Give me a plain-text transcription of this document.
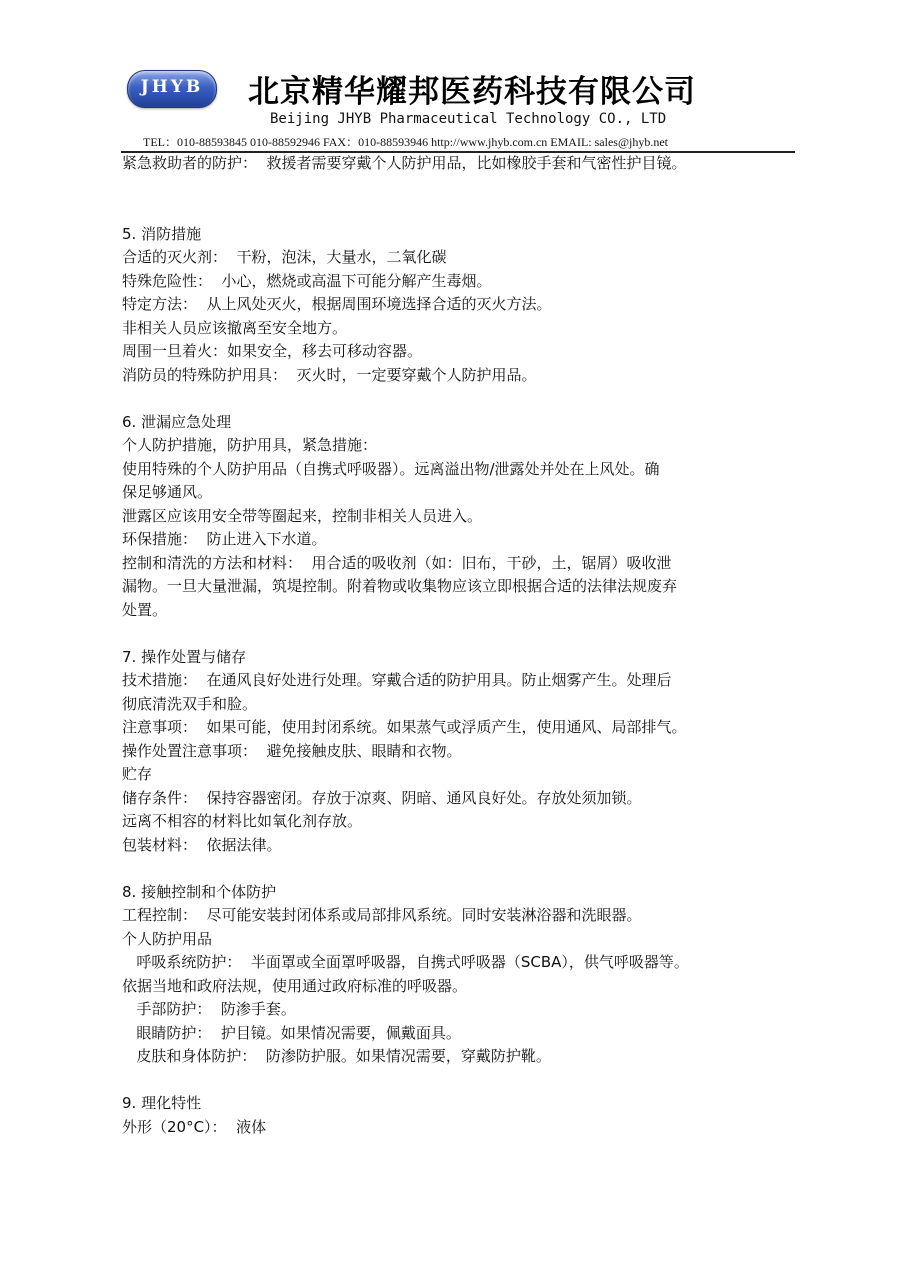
JHYB	北京精华耀邦医药科技有限公司
Beijing JHYB Pharmaceutical Technology CO., LTD
TEL：010-88593845 010-88592946 FAX：010-88593946 http://www.jhyb.com.cn EMAIL: sales@jhyb.net

紧急救助者的防护：  救援者需要穿戴个人防护用品，比如橡胶手套和气密性护目镜。

5. 消防措施

合适的灭火剂：  干粉，泡沫，大量水，二氧化碳

特殊危险性：  小心，燃烧或高温下可能分解产生毒烟。

特定方法：  从上风处灭火，根据周围环境选择合适的灭火方法。

非相关人员应该撤离至安全地方。

周围一旦着火：如果安全，移去可移动容器。

消防员的特殊防护用具：  灭火时，一定要穿戴个人防护用品。

6. 泄漏应急处理

个人防护措施，防护用具，紧急措施：

使用特殊的个人防护用品（自携式呼吸器）。远离溢出物/泄露处并处在上风处。确

保足够通风。

泄露区应该用安全带等圈起来，控制非相关人员进入。

环保措施：  防止进入下水道。

控制和清洗的方法和材料：  用合适的吸收剂（如：旧布，干砂，土，锯屑）吸收泄

漏物。一旦大量泄漏，筑堤控制。附着物或收集物应该立即根据合适的法律法规废弃

处置。

7. 操作处置与储存

技术措施：  在通风良好处进行处理。穿戴合适的防护用具。防止烟雾产生。处理后

彻底清洗双手和脸。

注意事项：  如果可能，使用封闭系统。如果蒸气或浮质产生，使用通风、局部排气。

操作处置注意事项：  避免接触皮肤、眼睛和衣物。

贮存

储存条件：  保持容器密闭。存放于凉爽、阴暗、通风良好处。存放处须加锁。

远离不相容的材料比如氧化剂存放。

包装材料：  依据法律。

8. 接触控制和个体防护

工程控制：  尽可能安装封闭体系或局部排风系统。同时安装淋浴器和洗眼器。

个人防护用品

呼吸系统防护：  半面罩或全面罩呼吸器，自携式呼吸器（SCBA），供气呼吸器等。

依据当地和政府法规，使用通过政府标准的呼吸器。

手部防护：  防渗手套。

眼睛防护：  护目镜。如果情况需要，佩戴面具。

皮肤和身体防护：  防渗防护服。如果情况需要，穿戴防护靴。

9. 理化特性

外形（20°C）：  液体
